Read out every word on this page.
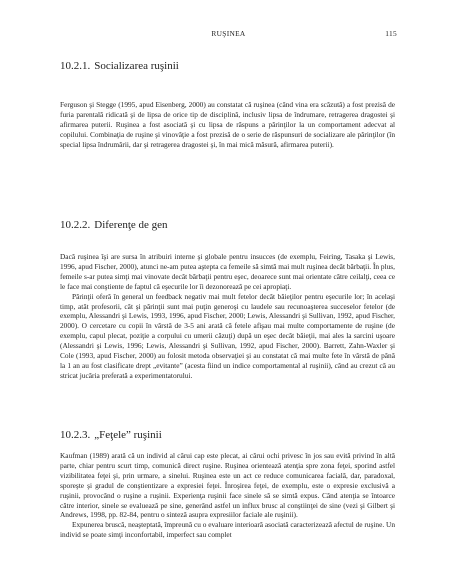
RUŞINEA	115
10.2.1. Socializarea ruşinii
Ferguson şi Stegge (1995, apud Eisenberg, 2000) au constatat că ruşinea (când vina era scăzută) a fost prezisă de furia parentală ridicată şi de lipsa de orice tip de disciplină, inclusiv lipsa de îndrumare, retragerea dragostei şi afirmarea puterii. Ruşinea a fost asociată şi cu lipsa de răspuns a părinţilor la un comportament adecvat al copilului. Combinaţia de ruşine şi vinovăţie a fost prezisă de o serie de răspunsuri de socializare ale părinţilor (în special lipsa îndrumării, dar şi retragerea dragostei şi, în mai mică măsură, afirmarea puterii).
10.2.2. Diferenţe de gen
Dacă ruşinea îşi are sursa în atribuiri interne şi globale pentru insucces (de exemplu, Feiring, Tasaka şi Lewis, 1996, apud Fischer, 2000), atunci ne-am putea aştepta ca femeile să simtă mai mult ruşinea decât bărbaţii. În plus, femeile s-ar putea simţi mai vinovate decât bărbaţii pentru eşec, deoarece sunt mai orientate către ceilalţi, ceea ce le face mai conştiente de faptul că eşecurile lor îi dezonorează pe cei apropiaţi.
Părinţii oferă în general un feedback negativ mai mult fetelor decât băieţilor pentru eşecurile lor; în acelaşi timp, atât profesorii, cât şi părinţii sunt mai puţin generoşi cu laudele sau recunoaşterea succeselor fetelor (de exemplu, Alessandri şi Lewis, 1993, 1996, apud Fischer, 2000; Lewis, Alessandri şi Sullivan, 1992, apud Fischer, 2000). O cercetare cu copii în vârstă de 3-5 ani arată că fetele afişau mai multe comportamente de ruşine (de exemplu, capul plecat, poziţie a corpului cu umerii căzuţi) după un eşec decât băieţii, mai ales la sarcini uşoare (Alessandri şi Lewis, 1996; Lewis, Alessandri şi Sullivan, 1992, apud Fischer, 2000). Barrett, Zahn-Waxler şi Cole (1993, apud Fischer, 2000) au folosit metoda observaţiei şi au constatat că mai multe fete în vârstă de până la 1 an au fost clasificate drept „evitante” (acesta fiind un indice comportamental al ruşinii), când au crezut că au stricat jucăria preferată a experimentatorului.
10.2.3. „Feţele” ruşinii
Kaufman (1989) arată că un individ al cărui cap este plecat, ai cărui ochi privesc în jos sau evită privind în altă parte, chiar pentru scurt timp, comunică direct ruşine. Ruşinea orientează atenţia spre zona feţei, sporind astfel vizibilitatea feţei şi, prin urmare, a sinelui. Ruşinea este un act ce reduce comunicarea facială, dar, paradoxal, sporeşte şi gradul de conştientizare a expresiei feţei. Înroşirea feţei, de exemplu, este o expresie exclusivă a ruşinii, provocând o ruşine a ruşinii. Experienţa ruşinii face sinele să se simtă expus. Când atenţia se întoarce către interior, sinele se evaluează pe sine, generând astfel un influx brusc al conştiinţei de sine (vezi şi Gilbert şi Andrews, 1998, pp. 82-84, pentru o sinteză asupra expresiilor faciale ale ruşinii).
Expunerea bruscă, neaşteptată, împreună cu o evaluare interioară asociată caracterizează afectul de ruşine. Un individ se poate simţi inconfortabil, imperfect sau complet
